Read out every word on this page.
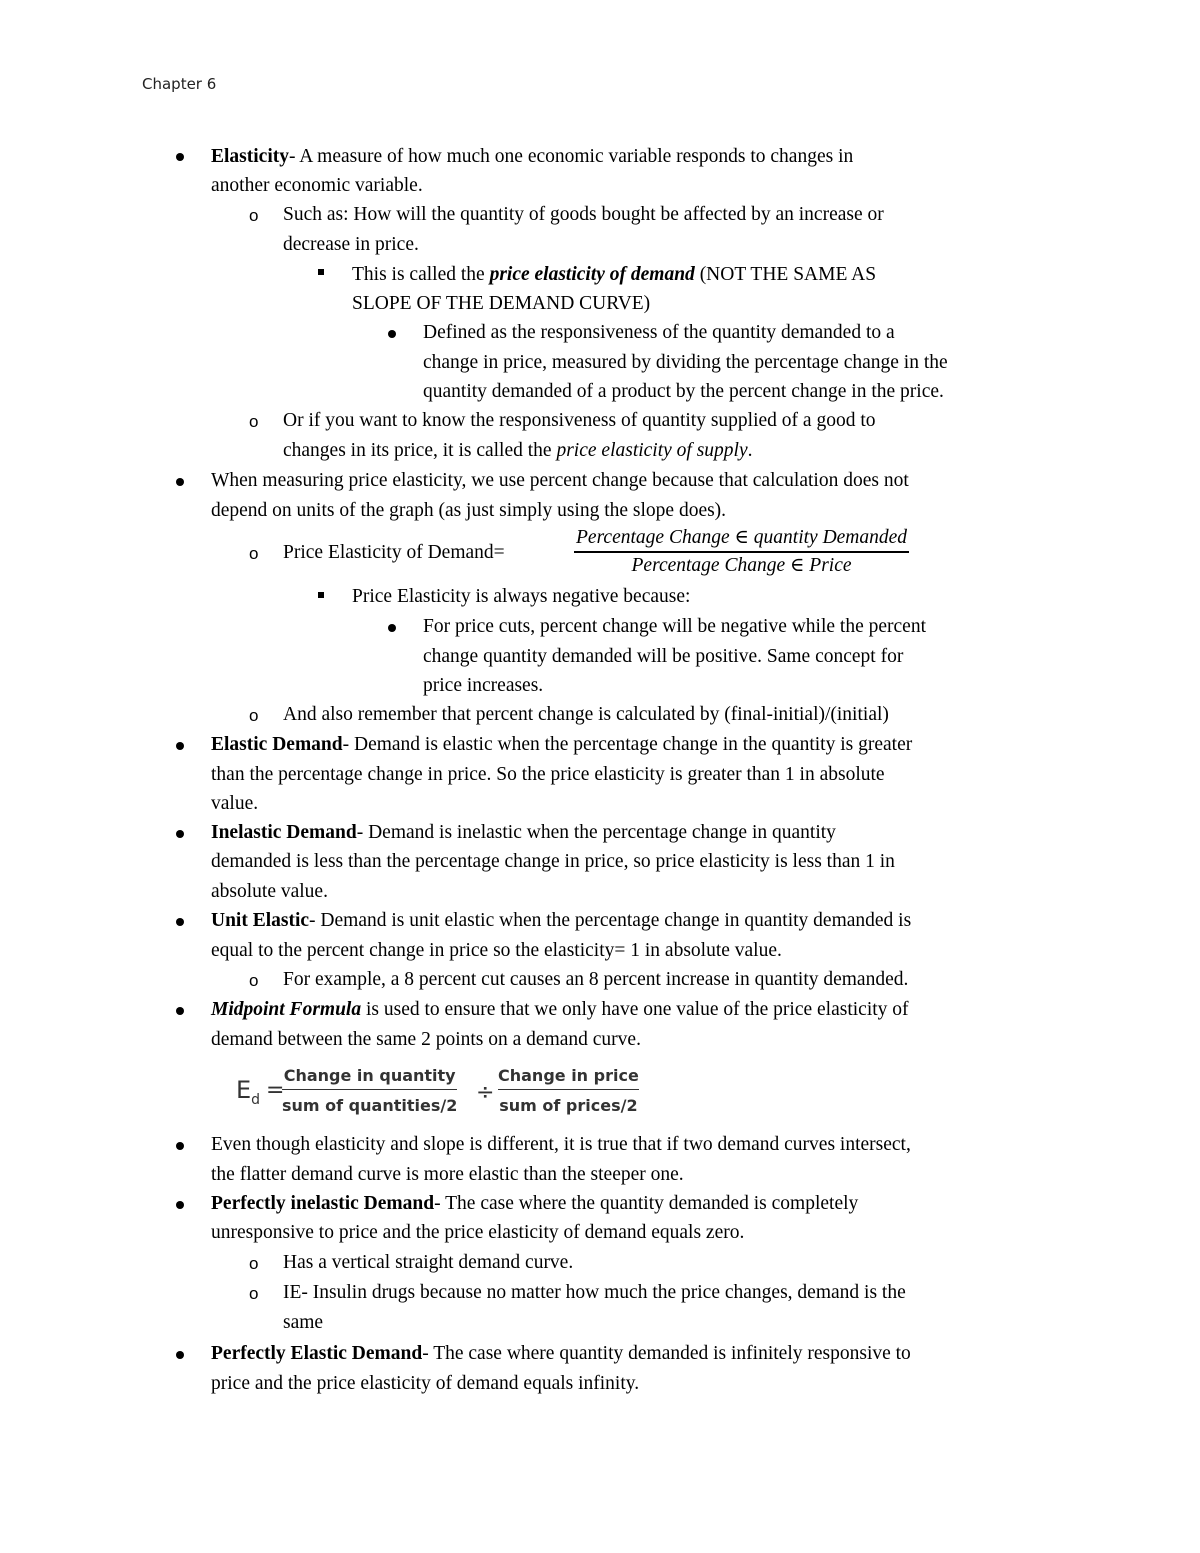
Chapter 6
Elasticity- A measure of how much one economic variable responds to changes in
another economic variable.
o Such as: How will the quantity of goods bought be affected by an increase or
decrease in price.
This is called the price elasticity of demand (NOT THE SAME AS
SLOPE OF THE DEMAND CURVE)
Defined as the responsiveness of the quantity demanded to a
change in price, measured by dividing the percentage change in the
quantity demanded of a product by the percent change in the price.
o Or if you want to know the responsiveness of quantity supplied of a good to
changes in its price, it is called the price elasticity of supply.
When measuring price elasticity, we use percent change because that calculation does not
depend on units of the graph (as just simply using the slope does).
o Price Elasticity of Demand=
Percentage Change ∈ quantity Demanded
Percentage Change ∈ Price
Price Elasticity is always negative because:
For price cuts, percent change will be negative while the percent
change quantity demanded will be positive. Same concept for
price increases.
o And also remember that percent change is calculated by (final-initial)/(initial)
Elastic Demand- Demand is elastic when the percentage change in the quantity is greater
than the percentage change in price. So the price elasticity is greater than 1 in absolute
value.
Inelastic Demand- Demand is inelastic when the percentage change in quantity
demanded is less than the percentage change in price, so price elasticity is less than 1 in
absolute value.
Unit Elastic- Demand is unit elastic when the percentage change in quantity demanded is
equal to the percent change in price so the elasticity= 1 in absolute value.
o For example, a 8 percent cut causes an 8 percent increase in quantity demanded.
Midpoint Formula is used to ensure that we only have one value of the price elasticity of
demand between the same 2 points on a demand curve.
$E_d$ =
Change in quantity
sum of quantities/2
÷
Change in price
sum of prices/2
Even though elasticity and slope is different, it is true that if two demand curves intersect,
the flatter demand curve is more elastic than the steeper one.
Perfectly inelastic Demand- The case where the quantity demanded is completely
unresponsive to price and the price elasticity of demand equals zero.
o Has a vertical straight demand curve.
o IE- Insulin drugs because no matter how much the price changes, demand is the
same
Perfectly Elastic Demand- The case where quantity demanded is infinitely responsive to
price and the price elasticity of demand equals infinity.
